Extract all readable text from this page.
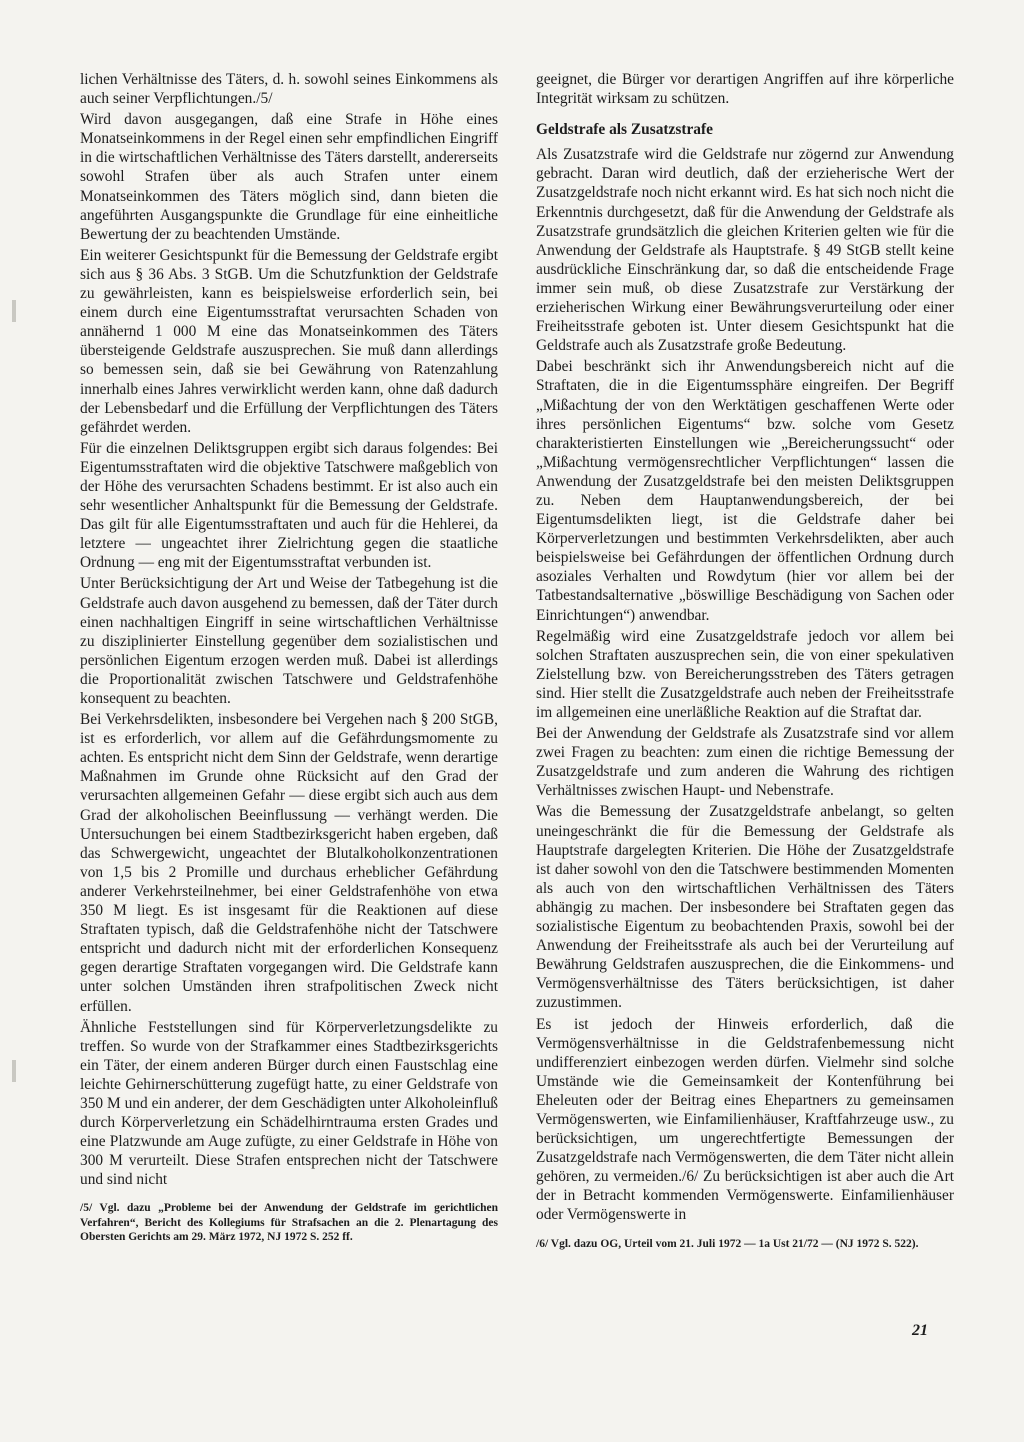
lichen Verhältnisse des Täters, d. h. sowohl seines Einkommens als auch seiner Verpflichtungen./5/

Wird davon ausgegangen, daß eine Strafe in Höhe eines Monatseinkommens in der Regel einen sehr empfindlichen Eingriff in die wirtschaftlichen Verhältnisse des Täters darstellt, andererseits sowohl Strafen über als auch Strafen unter einem Monatseinkommen des Täters möglich sind, dann bieten die angeführten Ausgangspunkte die Grundlage für eine einheitliche Bewertung der zu beachtenden Umstände.

Ein weiterer Gesichtspunkt für die Bemessung der Geldstrafe ergibt sich aus § 36 Abs. 3 StGB. Um die Schutzfunktion der Geldstrafe zu gewährleisten, kann es beispielsweise erforderlich sein, bei einem durch eine Eigentumsstraftat verursachten Schaden von annähernd 1 000 M eine das Monatseinkommen des Täters übersteigende Geldstrafe auszusprechen. Sie muß dann allerdings so bemessen sein, daß sie bei Gewährung von Ratenzahlung innerhalb eines Jahres verwirklicht werden kann, ohne daß dadurch der Lebensbedarf und die Erfüllung der Verpflichtungen des Täters gefährdet werden.

Für die einzelnen Deliktsgruppen ergibt sich daraus folgendes: Bei Eigentumsstraftaten wird die objektive Tatschwere maßgeblich von der Höhe des verursachten Schadens bestimmt. Er ist also auch ein sehr wesentlicher Anhaltspunkt für die Bemessung der Geldstrafe. Das gilt für alle Eigentumsstraftaten und auch für die Hehlerei, da letztere — ungeachtet ihrer Zielrichtung gegen die staatliche Ordnung — eng mit der Eigentumsstraftat verbunden ist.

Unter Berücksichtigung der Art und Weise der Tatbegehung ist die Geldstrafe auch davon ausgehend zu bemessen, daß der Täter durch einen nachhaltigen Eingriff in seine wirtschaftlichen Verhältnisse zu disziplinierter Einstellung gegenüber dem sozialistischen und persönlichen Eigentum erzogen werden muß. Dabei ist allerdings die Proportionalität zwischen Tatschwere und Geldstrafenhöhe konsequent zu beachten.

Bei Verkehrsdelikten, insbesondere bei Vergehen nach § 200 StGB, ist es erforderlich, vor allem auf die Gefährdungsmomente zu achten. Es entspricht nicht dem Sinn der Geldstrafe, wenn derartige Maßnahmen im Grunde ohne Rücksicht auf den Grad der verursachten allgemeinen Gefahr — diese ergibt sich auch aus dem Grad der alkoholischen Beeinflussung — verhängt werden. Die Untersuchungen bei einem Stadtbezirksgericht haben ergeben, daß das Schwergewicht, ungeachtet der Blutalkoholkonzentrationen von 1,5 bis 2 Promille und durchaus erheblicher Gefährdung anderer Verkehrsteilnehmer, bei einer Geldstrafenhöhe von etwa 350 M liegt. Es ist insgesamt für die Reaktionen auf diese Straftaten typisch, daß die Geldstrafenhöhe nicht der Tatschwere entspricht und dadurch nicht mit der erforderlichen Konsequenz gegen derartige Straftaten vorgegangen wird. Die Geldstrafe kann unter solchen Umständen ihren strafpolitischen Zweck nicht erfüllen.

Ähnliche Feststellungen sind für Körperverletzungsdelikte zu treffen. So wurde von der Strafkammer eines Stadtbezirksgerichts ein Täter, der einem anderen Bürger durch einen Faustschlag eine leichte Gehirnerschütterung zugefügt hatte, zu einer Geldstrafe von 350 M und ein anderer, der dem Geschädigten unter Alkoholeinfluß durch Körperverletzung ein Schädelhirntrauma ersten Grades und eine Platzwunde am Auge zufügte, zu einer Geldstrafe in Höhe von 300 M verurteilt. Diese Strafen entsprechen nicht der Tatschwere und sind nicht

/5/ Vgl. dazu „Probleme bei der Anwendung der Geldstrafe im gerichtlichen Verfahren“, Bericht des Kollegiums für Strafsachen an die 2. Plenartagung des Obersten Gerichts am 29. März 1972, NJ 1972 S. 252 ff.

geeignet, die Bürger vor derartigen Angriffen auf ihre körperliche Integrität wirksam zu schützen.

Geldstrafe als Zusatzstrafe

Als Zusatzstrafe wird die Geldstrafe nur zögernd zur Anwendung gebracht. Daran wird deutlich, daß der erzieherische Wert der Zusatzgeldstrafe noch nicht erkannt wird. Es hat sich noch nicht die Erkenntnis durchgesetzt, daß für die Anwendung der Geldstrafe als Zusatzstrafe grundsätzlich die gleichen Kriterien gelten wie für die Anwendung der Geldstrafe als Hauptstrafe. § 49 StGB stellt keine ausdrückliche Einschränkung dar, so daß die entscheidende Frage immer sein muß, ob diese Zusatzstrafe zur Verstärkung der erzieherischen Wirkung einer Bewährungsverurteilung oder einer Freiheitsstrafe geboten ist. Unter diesem Gesichtspunkt hat die Geldstrafe auch als Zusatzstrafe große Bedeutung.

Dabei beschränkt sich ihr Anwendungsbereich nicht auf die Straftaten, die in die Eigentumssphäre eingreifen. Der Begriff „Mißachtung der von den Werktätigen geschaffenen Werte oder ihres persönlichen Eigentums“ bzw. solche vom Gesetz charakteristierten Einstellungen wie „Bereicherungssucht“ oder „Mißachtung vermögensrechtlicher Verpflichtungen“ lassen die Anwendung der Zusatzgeldstrafe bei den meisten Deliktsgruppen zu. Neben dem Hauptanwendungsbereich, der bei Eigentumsdelikten liegt, ist die Geldstrafe daher bei Körperverletzungen und bestimmten Verkehrsdelikten, aber auch beispielsweise bei Gefährdungen der öffentlichen Ordnung durch asoziales Verhalten und Rowdytum (hier vor allem bei der Tatbestandsalternative „böswillige Beschädigung von Sachen oder Einrichtungen“) anwendbar.

Regelmäßig wird eine Zusatzgeldstrafe jedoch vor allem bei solchen Straftaten auszusprechen sein, die von einer spekulativen Zielstellung bzw. von Bereicherungsstreben des Täters getragen sind. Hier stellt die Zusatzgeldstrafe auch neben der Freiheitsstrafe im allgemeinen eine unerläßliche Reaktion auf die Straftat dar.

Bei der Anwendung der Geldstrafe als Zusatzstrafe sind vor allem zwei Fragen zu beachten: zum einen die richtige Bemessung der Zusatzgeldstrafe und zum anderen die Wahrung des richtigen Verhältnisses zwischen Haupt- und Nebenstrafe.

Was die Bemessung der Zusatzgeldstrafe anbelangt, so gelten uneingeschränkt die für die Bemessung der Geldstrafe als Hauptstrafe dargelegten Kriterien. Die Höhe der Zusatzgeldstrafe ist daher sowohl von den die Tatschwere bestimmenden Momenten als auch von den wirtschaftlichen Verhältnissen des Täters abhängig zu machen. Der insbesondere bei Straftaten gegen das sozialistische Eigentum zu beobachtenden Praxis, sowohl bei der Anwendung der Freiheitsstrafe als auch bei der Verurteilung auf Bewährung Geldstrafen auszusprechen, die die Einkommens- und Vermögensverhältnisse des Täters berücksichtigen, ist daher zuzustimmen.

Es ist jedoch der Hinweis erforderlich, daß die Vermögensverhältnisse in die Geldstrafenbemessung nicht undifferenziert einbezogen werden dürfen. Vielmehr sind solche Umstände wie die Gemeinsamkeit der Kontenführung bei Eheleuten oder der Beitrag eines Ehepartners zu gemeinsamen Vermögenswerten, wie Einfamilienhäuser, Kraftfahrzeuge usw., zu berücksichtigen, um ungerechtfertigte Bemessungen der Zusatzgeldstrafe nach Vermögenswerten, die dem Täter nicht allein gehören, zu vermeiden./6/ Zu berücksichtigen ist aber auch die Art der in Betracht kommenden Vermögenswerte. Einfamilienhäuser oder Vermögenswerte in

/6/ Vgl. dazu OG, Urteil vom 21. Juli 1972 — 1a Ust 21/72 — (NJ 1972 S. 522).

21
